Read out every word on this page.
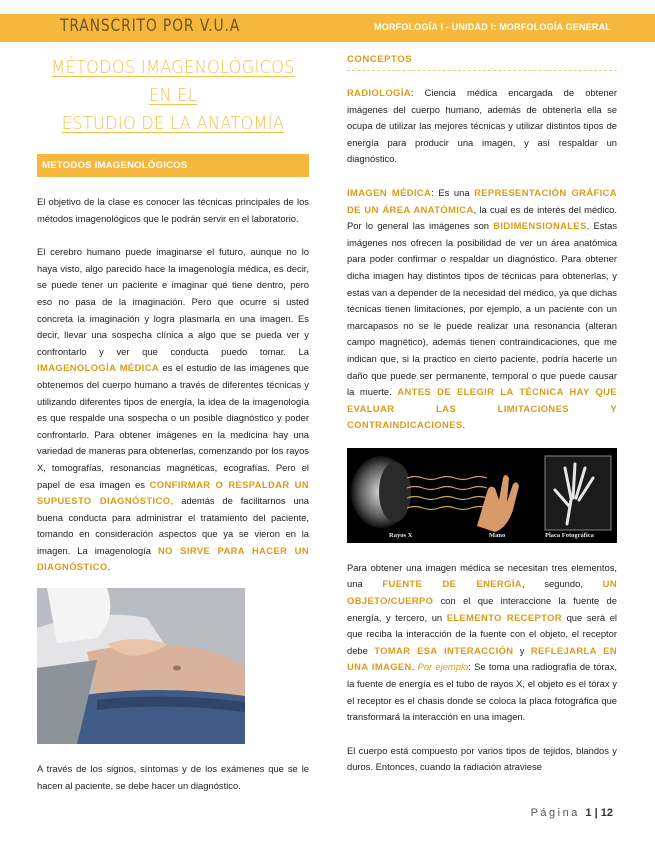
TRANSCRITO POR V.U.A	MORFOLOGÍA I - UNIDAD I: MORFOLOGÍA GENERAL
MÉTODOS IMAGENOLÓGICOS EN EL
ESTUDIO DE LA ANATOMÍA
METODOS IMAGENOLÓGICOS

El objetivo de la clase es conocer las técnicas principales de los métodos imagenológicos que le podrán servir en el laboratorio.

El cerebro humano puede imaginarse el futuro, aunque no lo haya visto, algo parecido hace la imagenología médica, es decir, se puede tener un paciente e imaginar qué tiene dentro, pero eso no pasa de la imaginación. Pero que ocurre si usted concreta la imaginación y logra plasmarla en una imagen. Es decir, llevar una sospecha clínica a algo que se pueda ver y confrontarlo y ver que conducta puedo tomar. La IMAGENOLOGÍA MÉDICA es el estudio de las imágenes que obtenemos del cuerpo humano a través de diferentes técnicas y utilizando diferentes tipos de energía, la idea de la imagenología es que respalde una sospecha o un posible diagnóstico y poder confrontarlo. Para obtener imágenes en la medicina hay una variedad de maneras para obtenerlas, comenzando por los rayos X, tomografías, resonancias magnéticas, ecografías. Pero el papel de esa imagen es CONFIRMAR O RESPALDAR UN SUPUESTO DIAGNÓSTICO, además de facilitarnos una buena conducta para administrar el tratamiento del paciente, tomando en consideración aspectos que ya se vieron en la imagen. La imagenología NO SIRVE PARA HACER UN DIAGNÓSTICO.

A través de los signos, síntomas y de los exámenes que se le hacen al paciente, se debe hacer un diagnóstico.

CONCEPTOS

RADIOLOGÍA: Ciencia médica encargada de obtener imágenes del cuerpo humano, además de obtenerla ella se ocupa de utilizar las mejores técnicas y utilizar distintos tipos de energía para producir una imagen, y así respaldar un diagnóstico.

IMAGEN MÉDICA: Es una REPRESENTACIÓN GRÁFICA DE UN ÁREA ANATÓMICA, la cual es de interés del médico. Por lo general las imágenes son BIDIMENSIONALES. Estas imágenes nos ofrecen la posibilidad de ver un área anatómica para poder confirmar o respaldar un diagnóstico. Para obtener dicha imagen hay distintos tipos de técnicas para obtenerlas, y estas van a depender de la necesidad del médico, ya que dichas técnicas tienen limitaciones, por ejemplo, a un paciente con un marcapasos no se le puede realizar una resonancia (alteran campo magnético), además tienen contraindicaciones, que me indican que, si la practico en cierto paciente, podría hacerle un daño que puede ser permanente, temporal o que puede causar la muerte. ANTES DE ELEGIR LA TÉCNICA HAY QUE EVALUAR LAS LIMITACIONES Y CONTRAINDICACIONES.

Rayos X	Mano	Placa Fotográfica

Para obtener una imagen médica se necesitan tres elementos, una FUENTE DE ENERGÍA, segundo, UN OBJETO/CUERPO con el que interaccione la fuente de energía, y tercero, un ELEMENTO RECEPTOR que será el que reciba la interacción de la fuente con el objeto, el receptor debe TOMAR ESA INTERACCIÓN y REFLEJARLA EN UNA IMAGEN. Por ejemplo: Se toma una radiografía de tórax, la fuente de energía es el tubo de rayos X, el objeto es el tórax y el receptor es el chasis donde se coloca la placa fotográfica que transformará la interacción en una imagen.

El cuerpo está compuesto por varios tipos de tejidos, blandos y duros. Entonces, cuando la radiación atraviese

Página 1 | 12
